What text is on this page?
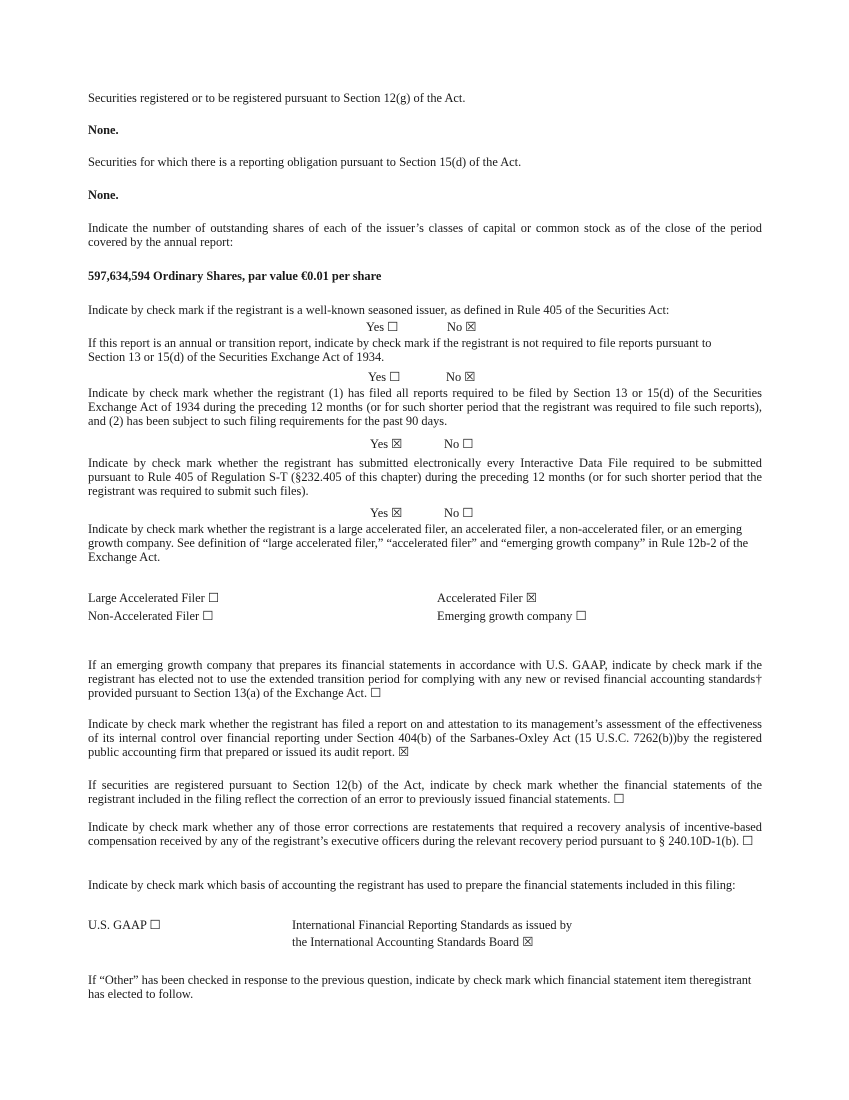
Securities registered or to be registered pursuant to Section 12(g) of the Act.

None.

Securities for which there is a reporting obligation pursuant to Section 15(d) of the Act.

None.

Indicate the number of outstanding shares of each of the issuer’s classes of capital or common stock as of the close of the period covered by the annual report:

597,634,594 Ordinary Shares, par value €0.01 per share

Indicate by check mark if the registrant is a well-known seasoned issuer, as defined in Rule 405 of the Securities Act:

Yes ☐	No ☒

If this report is an annual or transition report, indicate by check mark if the registrant is not required to file reports pursuant to Section 13 or 15(d) of the Securities Exchange Act of 1934.

Yes ☐	No ☒

Indicate by check mark whether the registrant (1) has filed all reports required to be filed by Section 13 or 15(d) of the Securities Exchange Act of 1934 during the preceding 12 months (or for such shorter period that the registrant was required to file such reports), and (2) has been subject to such filing requirements for the past 90 days.

Yes ☒	No ☐

Indicate by check mark whether the registrant has submitted electronically every Interactive Data File required to be submitted pursuant to Rule 405 of Regulation S-T (§232.405 of this chapter) during the preceding 12 months (or for such shorter period that the registrant was required to submit such files).

Yes ☒	No ☐

Indicate by check mark whether the registrant is a large accelerated filer, an accelerated filer, a non-accelerated filer, or an emerging growth company. See definition of “large accelerated filer,” “accelerated filer” and “emerging growth company” in Rule 12b-2 of the Exchange Act.

Large Accelerated Filer ☐	Accelerated Filer ☒
Non-Accelerated Filer ☐	Emerging growth company ☐

If an emerging growth company that prepares its financial statements in accordance with U.S. GAAP, indicate by check mark if the registrant has elected not to use the extended transition period for complying with any new or revised financial accounting standards† provided pursuant to Section 13(a) of the Exchange Act. ☐

Indicate by check mark whether the registrant has filed a report on and attestation to its management’s assessment of the effectiveness of its internal control over financial reporting under Section 404(b) of the Sarbanes-Oxley Act (15 U.S.C. 7262(b))by the registered public accounting firm that prepared or issued its audit report. ☒

If securities are registered pursuant to Section 12(b) of the Act, indicate by check mark whether the financial statements of the registrant included in the filing reflect the correction of an error to previously issued financial statements. ☐

Indicate by check mark whether any of those error corrections are restatements that required a recovery analysis of incentive-based compensation received by any of the registrant’s executive officers during the relevant recovery period pursuant to § 240.10D-1(b). ☐

Indicate by check mark which basis of accounting the registrant has used to prepare the financial statements included in this filing:

U.S. GAAP ☐	International Financial Reporting Standards as issued by
the International Accounting Standards Board ☒

If “Other” has been checked in response to the previous question, indicate by check mark which financial statement item theregistrant has elected to follow.
